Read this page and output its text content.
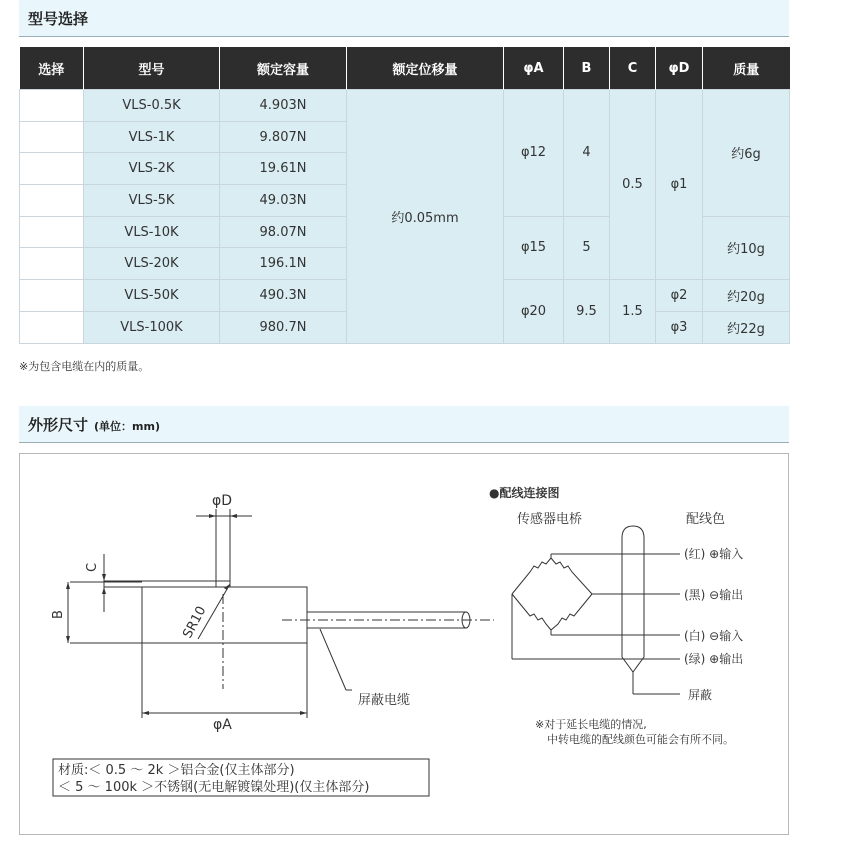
型号选择
选择	型号	额定容量	额定位移量	φA	B	C	φD	质量
	VLS-0.5K	4.903N	约0.05mm	φ12	4	0.5	φ1	约6g
	VLS-1K	9.807N						
	VLS-2K	19.61N						
	VLS-5K	49.03N						
	VLS-10K	98.07N		φ15	5			约10g
	VLS-20K	196.1N						
	VLS-50K	490.3N		φ20	9.5	1.5	φ2	约20g
	VLS-100K	980.7N					φ3	约22g
※为包含电缆在内的质量。
外形尺寸 (单位：mm)
φD
C
B	SR10
φA
屏蔽电缆
材质:＜ 0.5 ～ 2k ＞铝合金(仅主体部分)
＜ 5 ～ 100k ＞不锈钢(无电解镀镍处理)(仅主体部分)
●配线连接图
传感器电桥	配线色
(红) ⊕输入
(黑) ⊖输出
(白) ⊖输入
(绿) ⊕输出
屏蔽
※对于延长电缆的情况,
中转电缆的配线颜色可能会有所不同。
